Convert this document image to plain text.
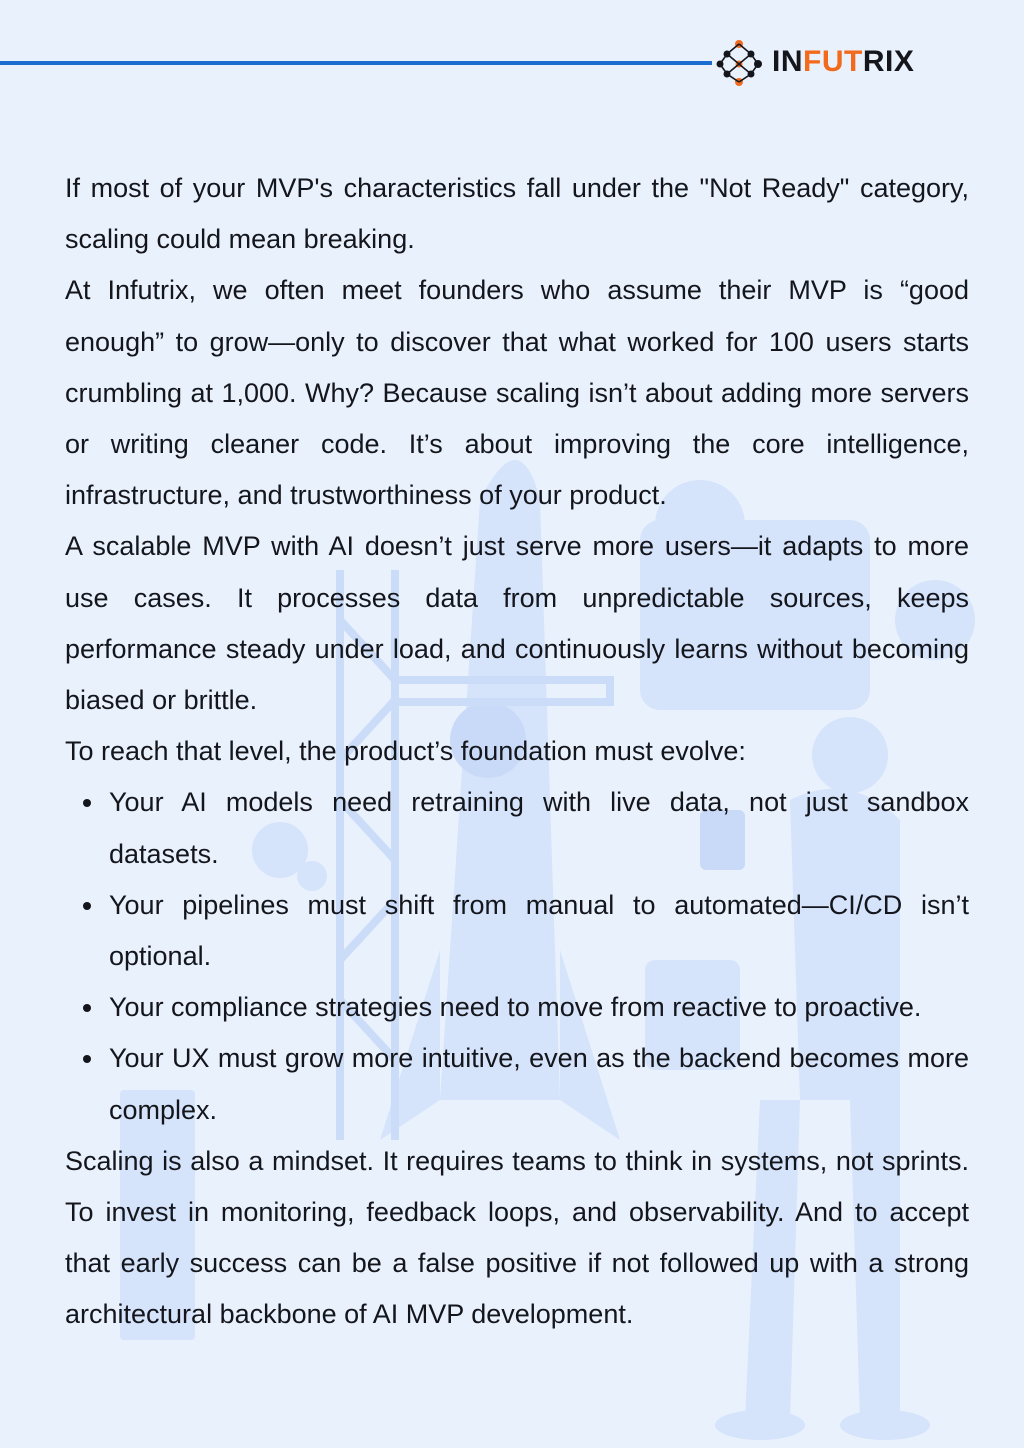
INFUTRIX

If most of your MVP's characteristics fall under the "Not Ready" category, scaling could mean breaking.

At Infutrix, we often meet founders who assume their MVP is “good enough” to grow—only to discover that what worked for 100 users starts crumbling at 1,000. Why? Because scaling isn’t about adding more servers or writing cleaner code. It’s about improving the core intelligence, infrastructure, and trustworthiness of your product.

A scalable MVP with AI doesn’t just serve more users—it adapts to more use cases. It processes data from unpredictable sources, keeps performance steady under load, and continuously learns without becoming biased or brittle.

To reach that level, the product’s foundation must evolve:

Your AI models need retraining with live data, not just sandbox datasets.
Your pipelines must shift from manual to automated—CI/CD isn’t optional.
Your compliance strategies need to move from reactive to proactive.
Your UX must grow more intuitive, even as the backend becomes more complex.

Scaling is also a mindset. It requires teams to think in systems, not sprints. To invest in monitoring, feedback loops, and observability. And to accept that early success can be a false positive if not followed up with a strong architectural backbone of AI MVP development.
